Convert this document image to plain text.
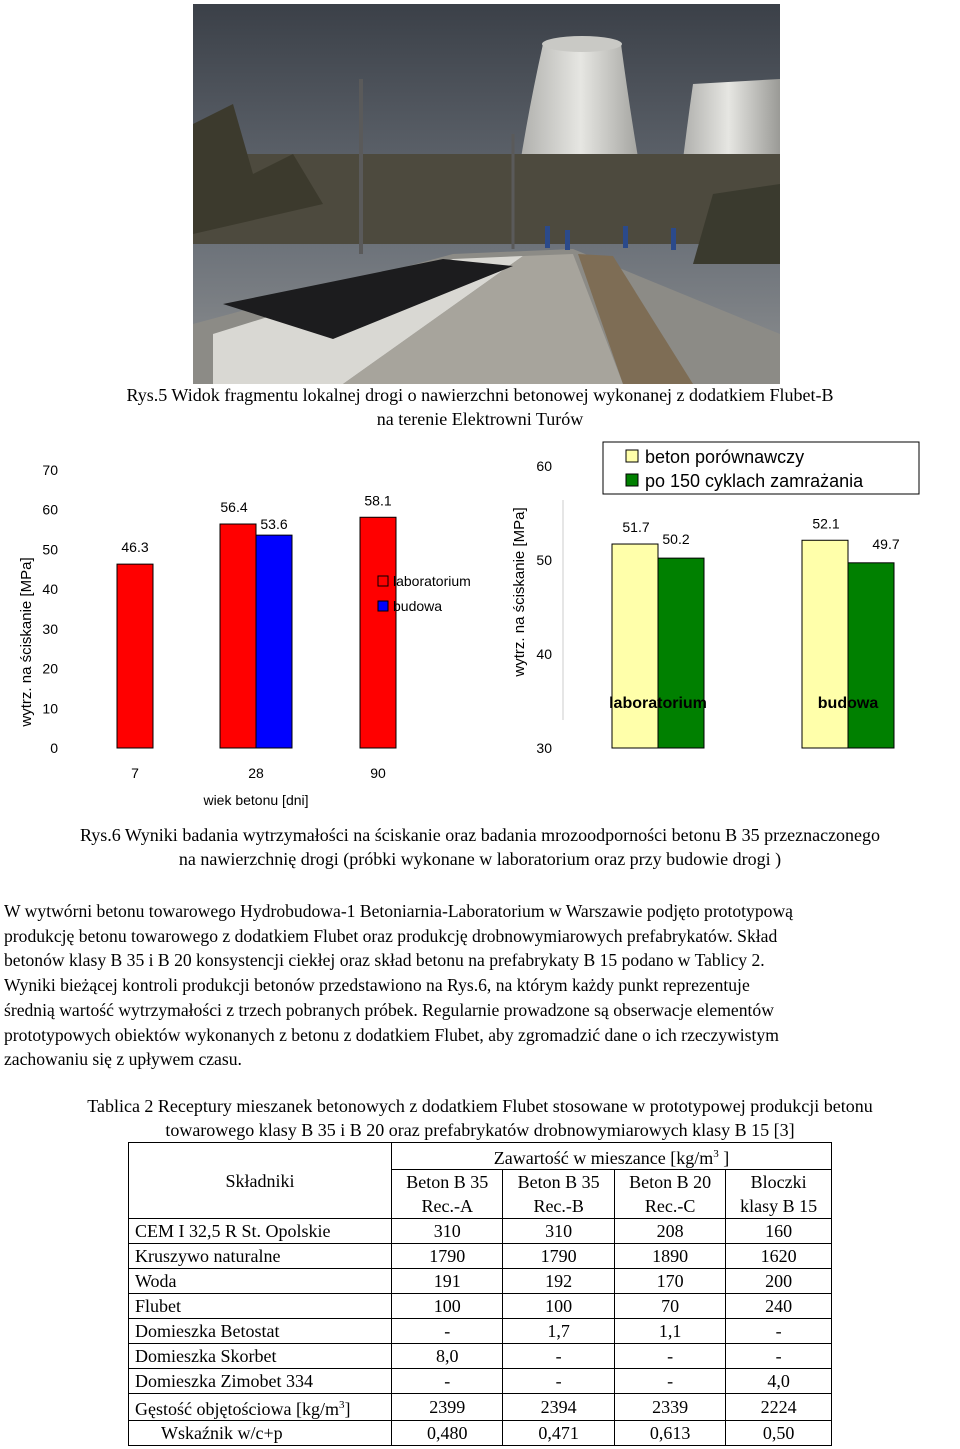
Rys.5 Widok fragmentu lokalnej drogi o nawierzchni betonowej wykonanej z dodatkiem Flubet-B
na terenie Elektrowni Turów
wytrz. na ściskanie [MPa]
0
10
20
30
40
50
60
70
46.3
56.4
53.6
58.1
7	28	90
wiek betonu [dni]
laboratorium
budowa	wytrz. na ściskanie [MPa]
30
40
50
60
51.7
50.2
52.1
49.7
laboratorium	budowa
beton porównawczy
po 150 cyklach zamrażania
Rys.6 Wyniki badania wytrzymałości na ściskanie oraz badania mrozoodporności betonu B 35 przeznaczonego
na nawierzchnię drogi (próbki wykonane w laboratorium oraz przy budowie drogi )
W wytwórni betonu towarowego Hydrobudowa-1 Betoniarnia-Laboratorium w Warszawie podjęto prototypową
produkcję betonu towarowego z dodatkiem Flubet oraz produkcję drobnowymiarowych prefabrykatów. Skład
betonów klasy B 35 i B 20 konsystencji ciekłej oraz skład betonu na prefabrykaty B 15 podano w Tablicy 2.
Wyniki bieżącej kontroli produkcji betonów przedstawiono na Rys.6, na którym każdy punkt reprezentuje
średnią wartość wytrzymałości z trzech pobranych próbek. Regularnie prowadzone są obserwacje elementów
prototypowych obiektów wykonanych z betonu z dodatkiem Flubet, aby zgromadzić dane o ich rzeczywistym
zachowaniu się z upływem czasu.
Tablica 2 Receptury mieszanek betonowych z dodatkiem Flubet stosowane w prototypowej produkcji betonu
towarowego klasy B 35 i B 20 oraz prefabrykatów drobnowymiarowych klasy B 15 [3]
Składniki	Zawartość w mieszance [$kg/m^3$ ]			
	Beton B 35	Beton B 35	Beton B 20	Bloczki
	Rec.-A	Rec.-B	Rec.-C	klasy B 15
CEM I 32,5 R St. Opolskie	310	310	208	160
Kruszywo naturalne	1790	1790	1890	1620
Woda	191	192	170	200
Flubet	100	100	70	240
Domieszka Betostat	-	1,7	1,1	-
Domieszka Skorbet	8,0	-	-	-
Domieszka Zimobet 334	-	-	-	4,0
Gęstość objętościowa $[kg/m^3]$	2399	2394	2339	2224
Wskaźnik w/c+p	0,480	0,471	0,613	0,50
